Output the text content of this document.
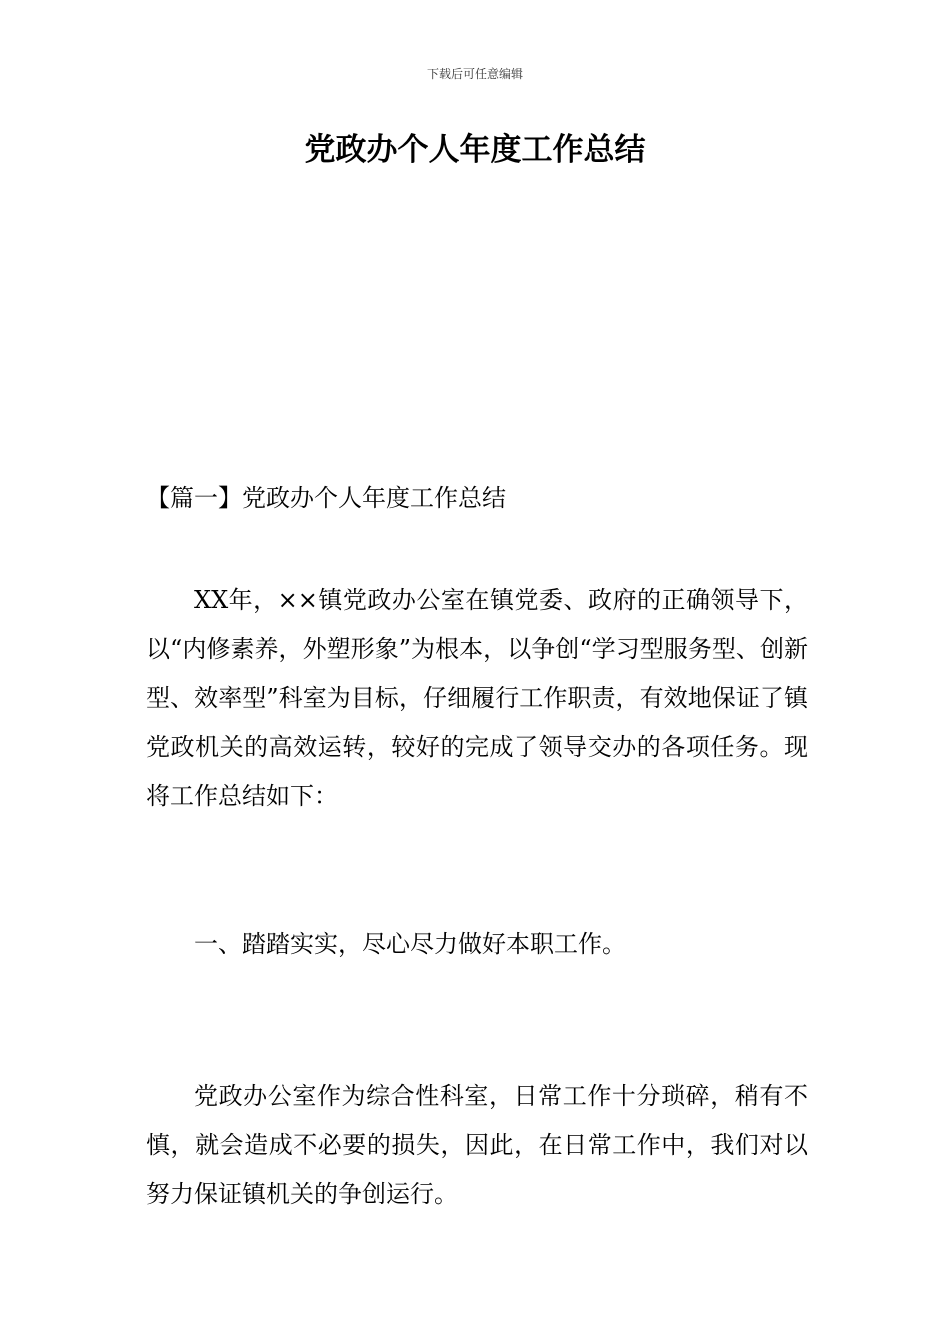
下载后可任意编辑
党政办个人年度工作总结
【篇一】党政办个人年度工作总结

XX年，××镇党政办公室在镇党委、政府的正确领导下，以“内修素养，外塑形象”为根本，以争创“学习型服务型、创新型、效率型”科室为目标，仔细履行工作职责，有效地保证了镇党政机关的高效运转，较好的完成了领导交办的各项任务。现将工作总结如下：

一、踏踏实实，尽心尽力做好本职工作。

党政办公室作为综合性科室，日常工作十分琐碎，稍有不慎，就会造成不必要的损失，因此，在日常工作中，我们对以努力保证镇机关的争创运行。
